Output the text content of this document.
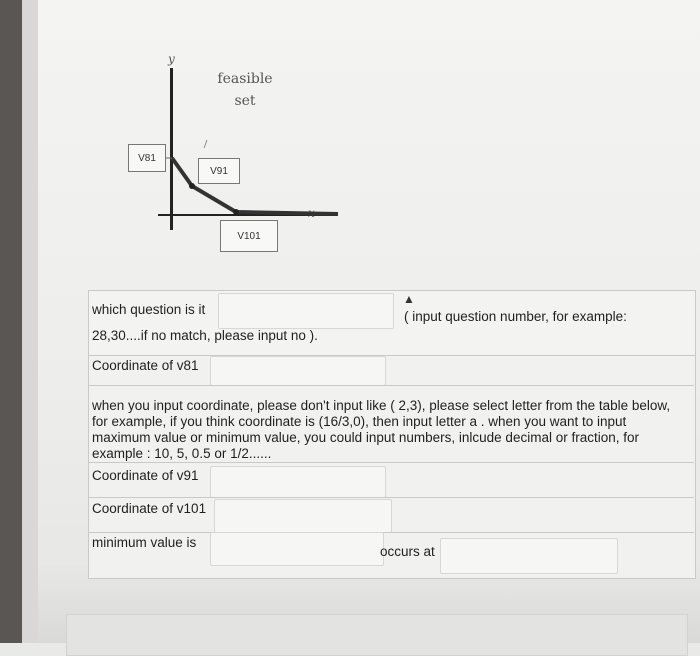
y
x
feasible
set
V81
V91
V101
which question is it	( input question number, for example:
▲
28,30....if no match, please input no ).
Coordinate of v81
when you input coordinate, please don't input like ( 2,3), please select letter from the table below, for example, if you think coordinate is (16/3,0), then input letter a . when you want to input maximum value or minimum value, you could input numbers, inlcude decimal or fraction, for example : 10, 5, 0.5 or 1/2......
Coordinate of v91
Coordinate of v101
minimum value is
occurs at
